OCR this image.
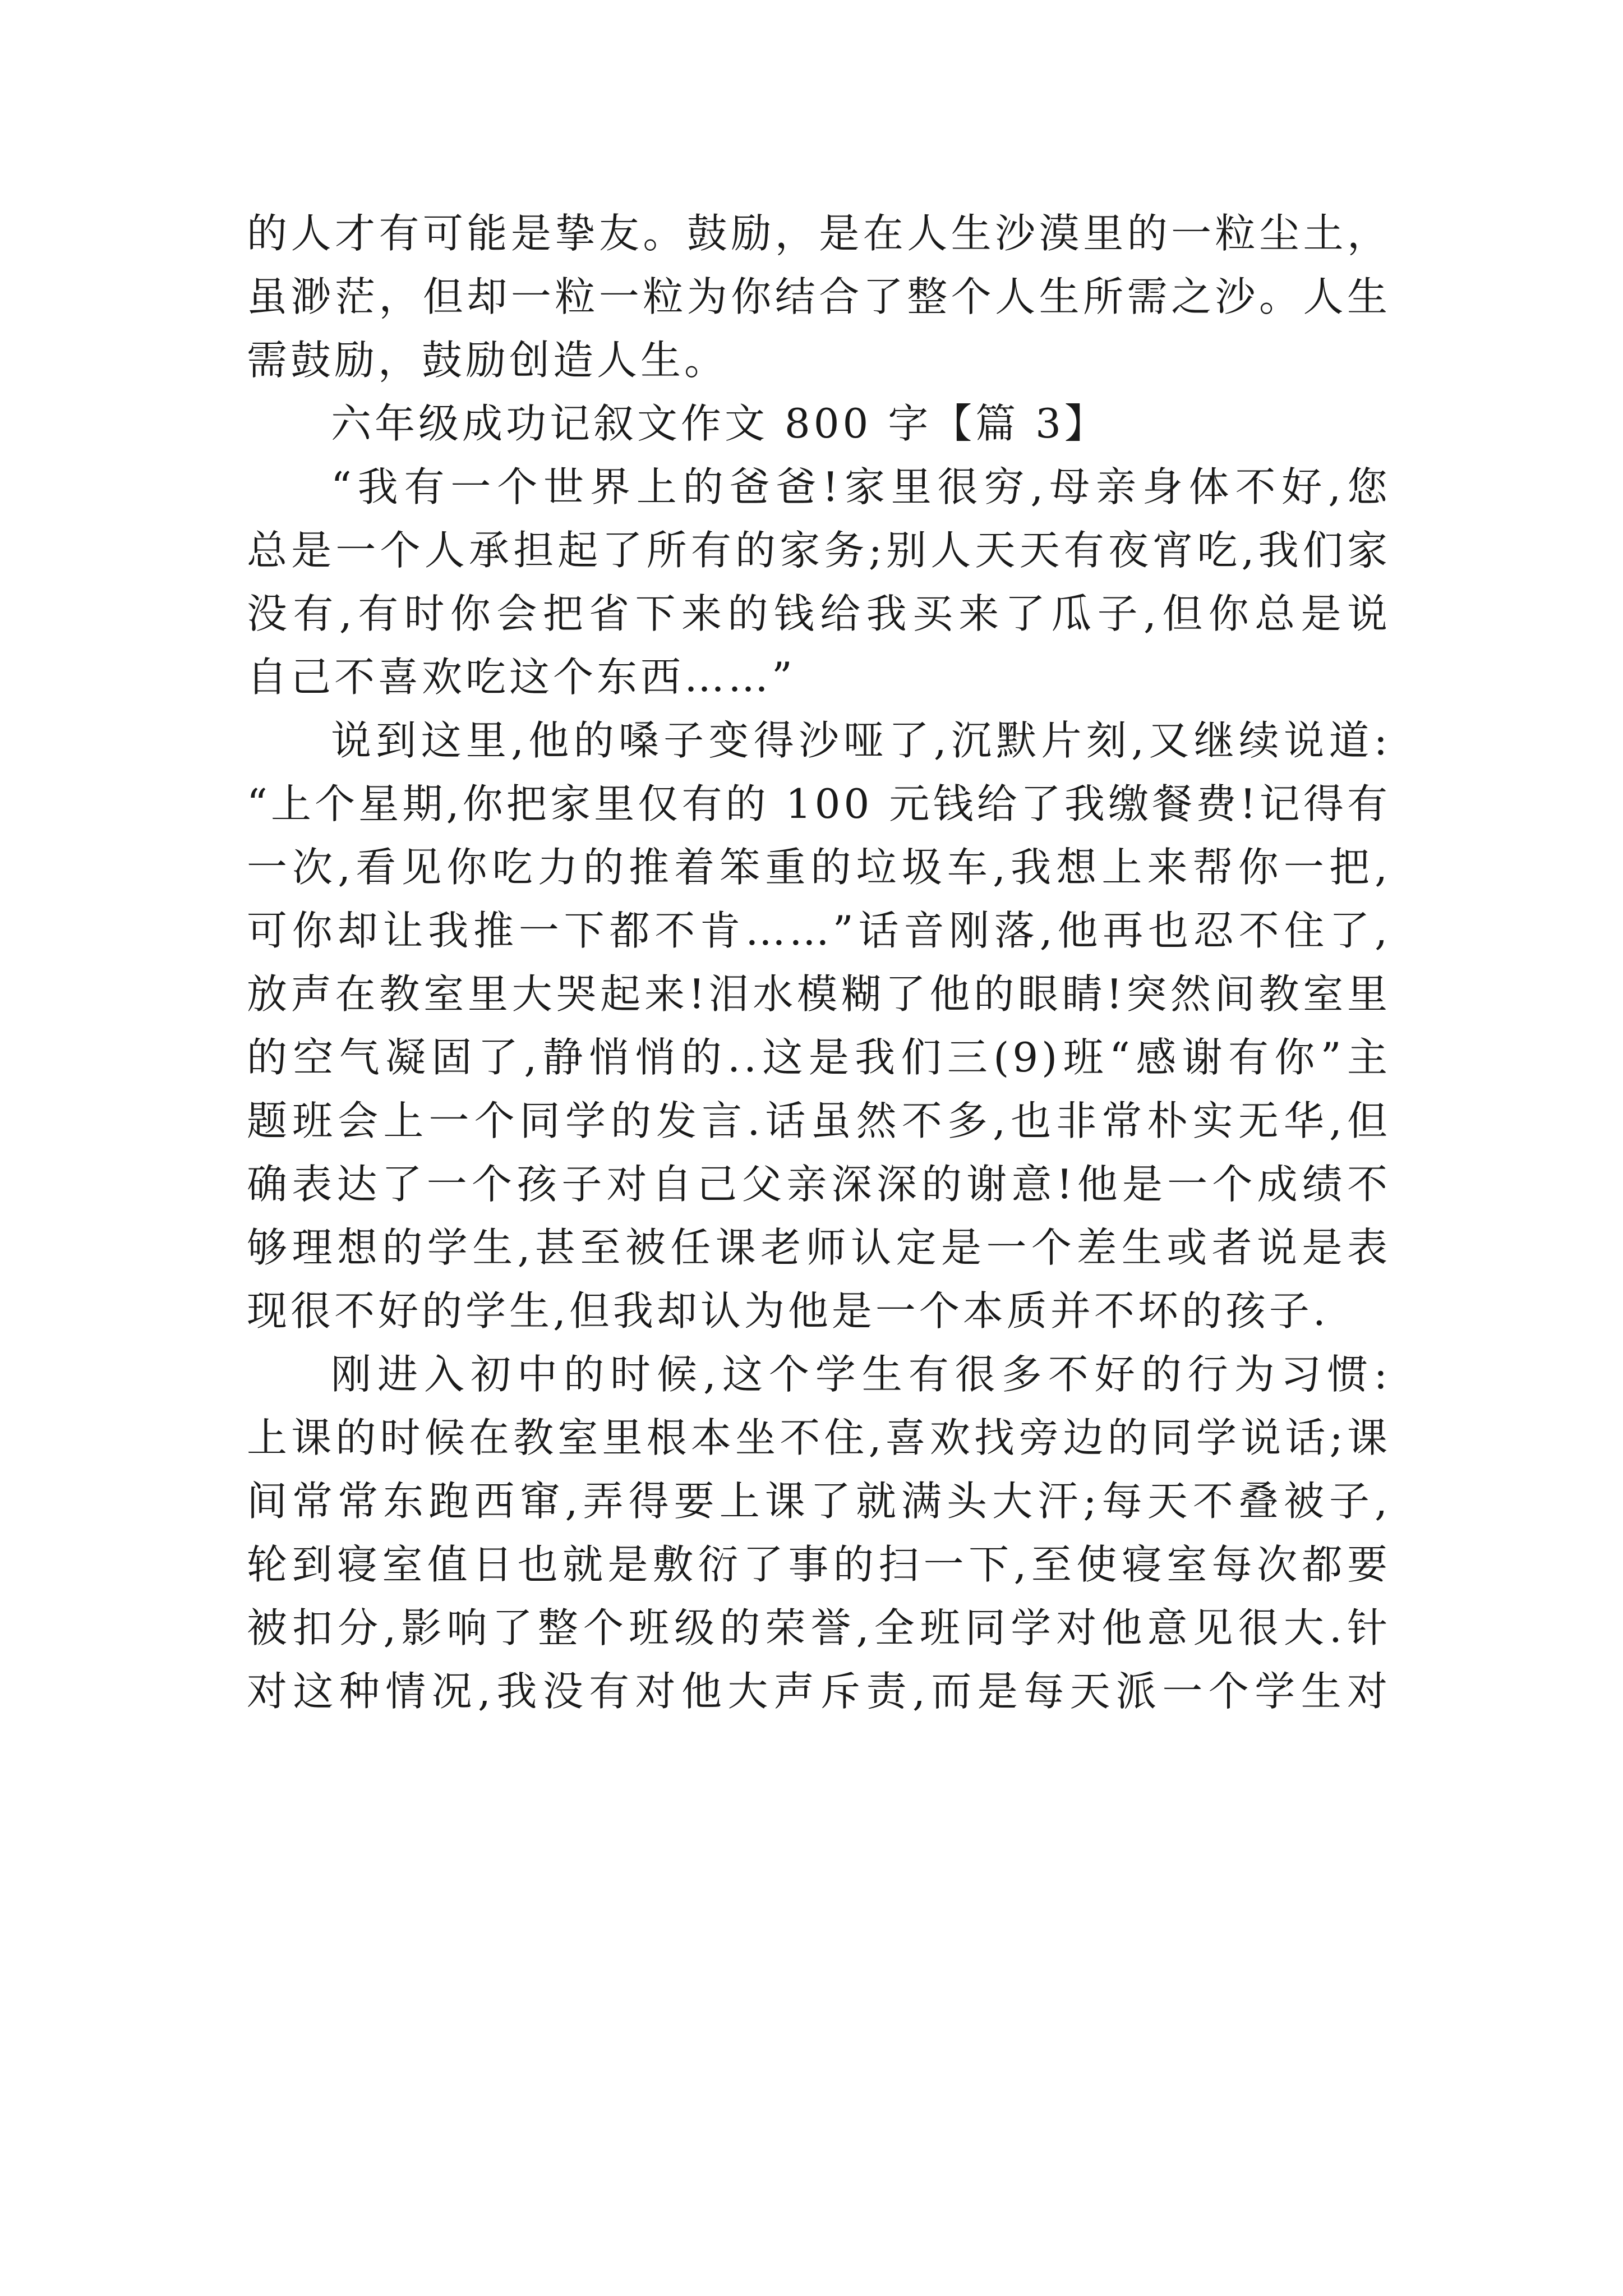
的人才有可能是挚友。鼓励，是在人生沙漠里的一粒尘土，
虽渺茫，但却一粒一粒为你结合了整个人生所需之沙。人生
需鼓励，鼓励创造人生。
六年级成功记叙文作文 800 字【篇 3】
“我有一个世界上的爸爸!家里很穷,母亲身体不好,您
总是一个人承担起了所有的家务;别人天天有夜宵吃,我们家
没有,有时你会把省下来的钱给我买来了瓜子,但你总是说
自己不喜欢吃这个东西……”
说到这里,他的嗓子变得沙哑了,沉默片刻,又继续说道:
“上个星期,你把家里仅有的 100 元钱给了我缴餐费!记得有
一次,看见你吃力的推着笨重的垃圾车,我想上来帮你一把,
可你却让我推一下都不肯……”话音刚落,他再也忍不住了,
放声在教室里大哭起来!泪水模糊了他的眼睛!突然间教室里
的空气凝固了,静悄悄的..这是我们三(9)班“感谢有你”主
题班会上一个同学的发言.话虽然不多,也非常朴实无华,但
确表达了一个孩子对自己父亲深深的谢意!他是一个成绩不
够理想的学生,甚至被任课老师认定是一个差生或者说是表
现很不好的学生,但我却认为他是一个本质并不坏的孩子.
刚进入初中的时候,这个学生有很多不好的行为习惯:
上课的时候在教室里根本坐不住,喜欢找旁边的同学说话;课
间常常东跑西窜,弄得要上课了就满头大汗;每天不叠被子,
轮到寝室值日也就是敷衍了事的扫一下,至使寝室每次都要
被扣分,影响了整个班级的荣誉,全班同学对他意见很大.针
对这种情况,我没有对他大声斥责,而是每天派一个学生对
